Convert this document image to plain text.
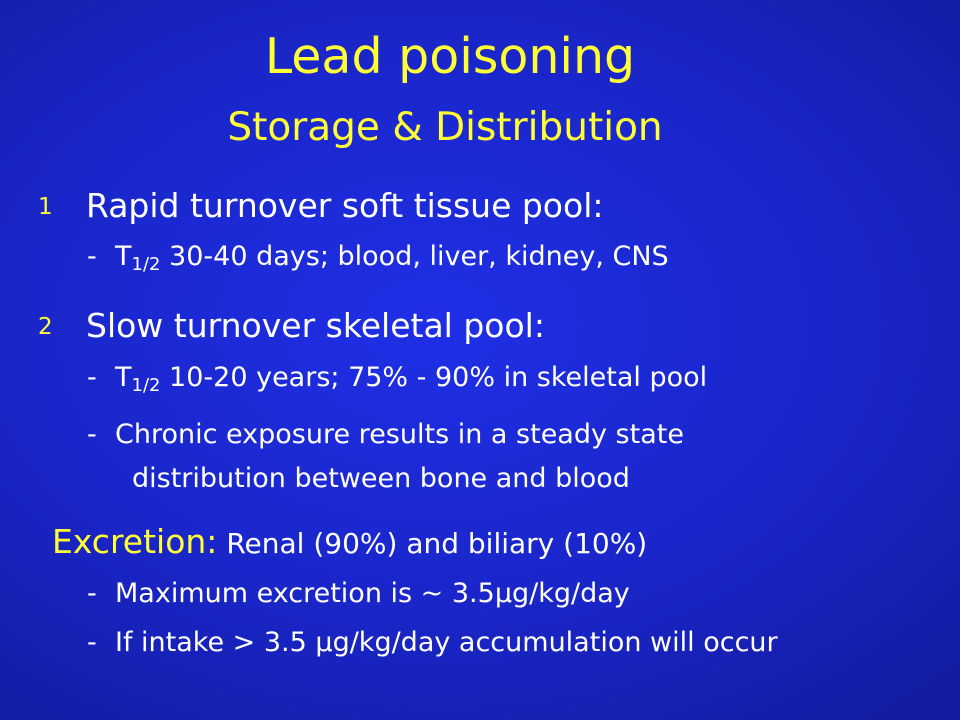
Lead poisoning
Storage & Distribution
1 Rapid turnover soft tissue pool:
- $T_{1/2}$ 30-40 days; blood, liver, kidney, CNS
2 Slow turnover skeletal pool:
- $T_{1/2}$ 10-20 years; 75% - 90% in skeletal pool
- Chronic exposure results in a steady state
distribution between bone and blood
Excretion: Renal (90%) and biliary (10%)
- Maximum excretion is ~ 3.5µg/kg/day
- If intake > 3.5 µg/kg/day accumulation will occur
